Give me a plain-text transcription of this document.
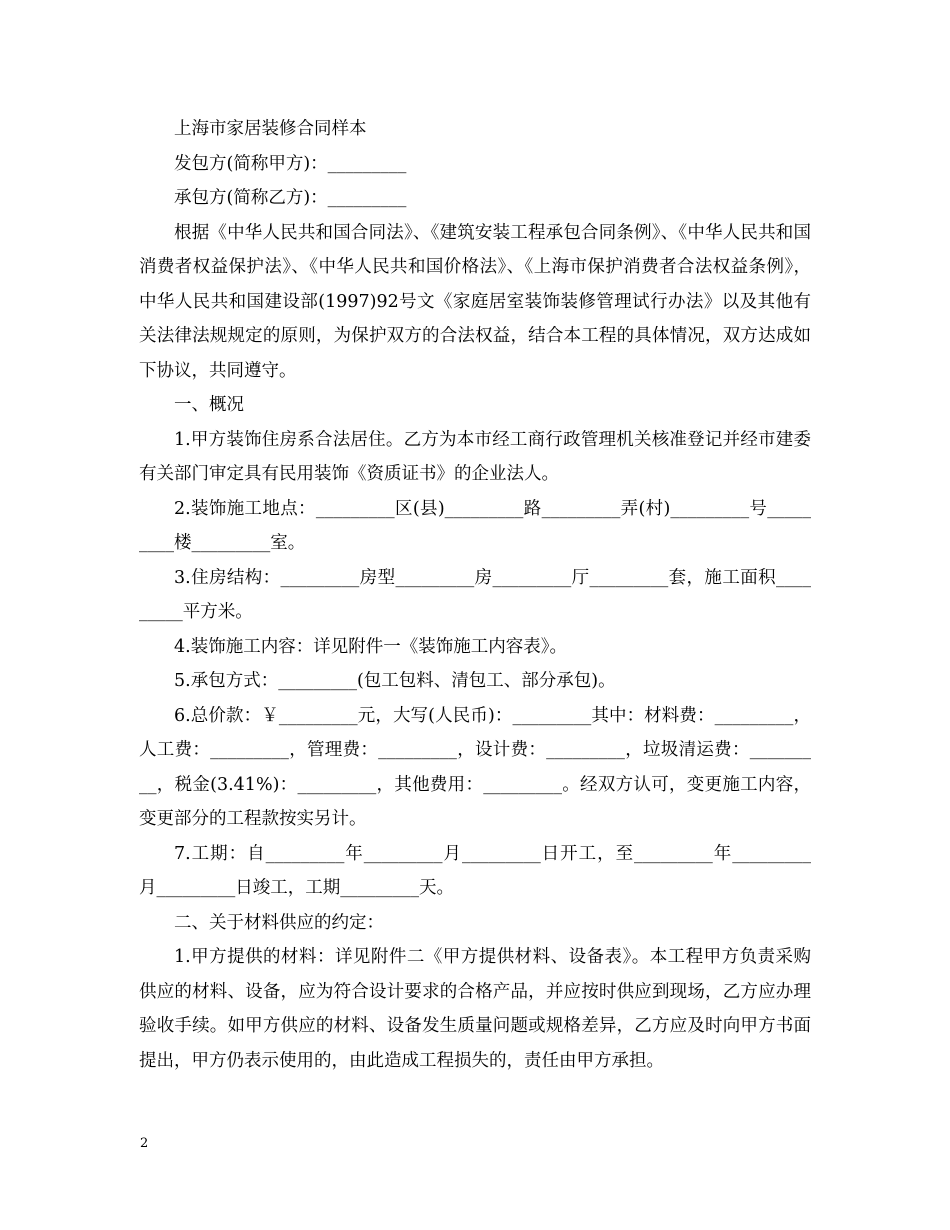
上海市家居装修合同样本

发包方(简称甲方)：_________

承包方(简称乙方)：_________

根据《中华人民共和国合同法》、《建筑安装工程承包合同条例》、《中华人民共和国消费者权益保护法》、《中华人民共和国价格法》、《上海市保护消费者合法权益条例》，中华人民共和国建设部(1997)92号文《家庭居室装饰装修管理试行办法》以及其他有关法律法规规定的原则，为保护双方的合法权益，结合本工程的具体情况，双方达成如下协议，共同遵守。

一、概况

1.甲方装饰住房系合法居住。乙方为本市经工商行政管理机关核准登记并经市建委有关部门审定具有民用装饰《资质证书》的企业法人。

2.装饰施工地点：_________区(县)_________路_________弄(村)_________号_________楼_________室。

3.住房结构：_________房型_________房_________厅_________套，施工面积_________平方米。

4.装饰施工内容：详见附件一《装饰施工内容表》。

5.承包方式：_________(包工包料、清包工、部分承包)。

6.总价款：￥_________元，大写(人民币)：_________其中：材料费：_________，人工费：_________，管理费：_________，设计费：_________，垃圾清运费：_________，税金(3.41%)：_________，其他费用：_________。经双方认可，变更施工内容，变更部分的工程款按实另计。

7.工期：自_________年_________月_________日开工，至_________年_________月_________日竣工，工期_________天。

二、关于材料供应的约定：

1.甲方提供的材料：详见附件二《甲方提供材料、设备表》。本工程甲方负责采购供应的材料、设备，应为符合设计要求的合格产品，并应按时供应到现场，乙方应办理验收手续。如甲方供应的材料、设备发生质量问题或规格差异，乙方应及时向甲方书面提出，甲方仍表示使用的，由此造成工程损失的，责任由甲方承担。

2
